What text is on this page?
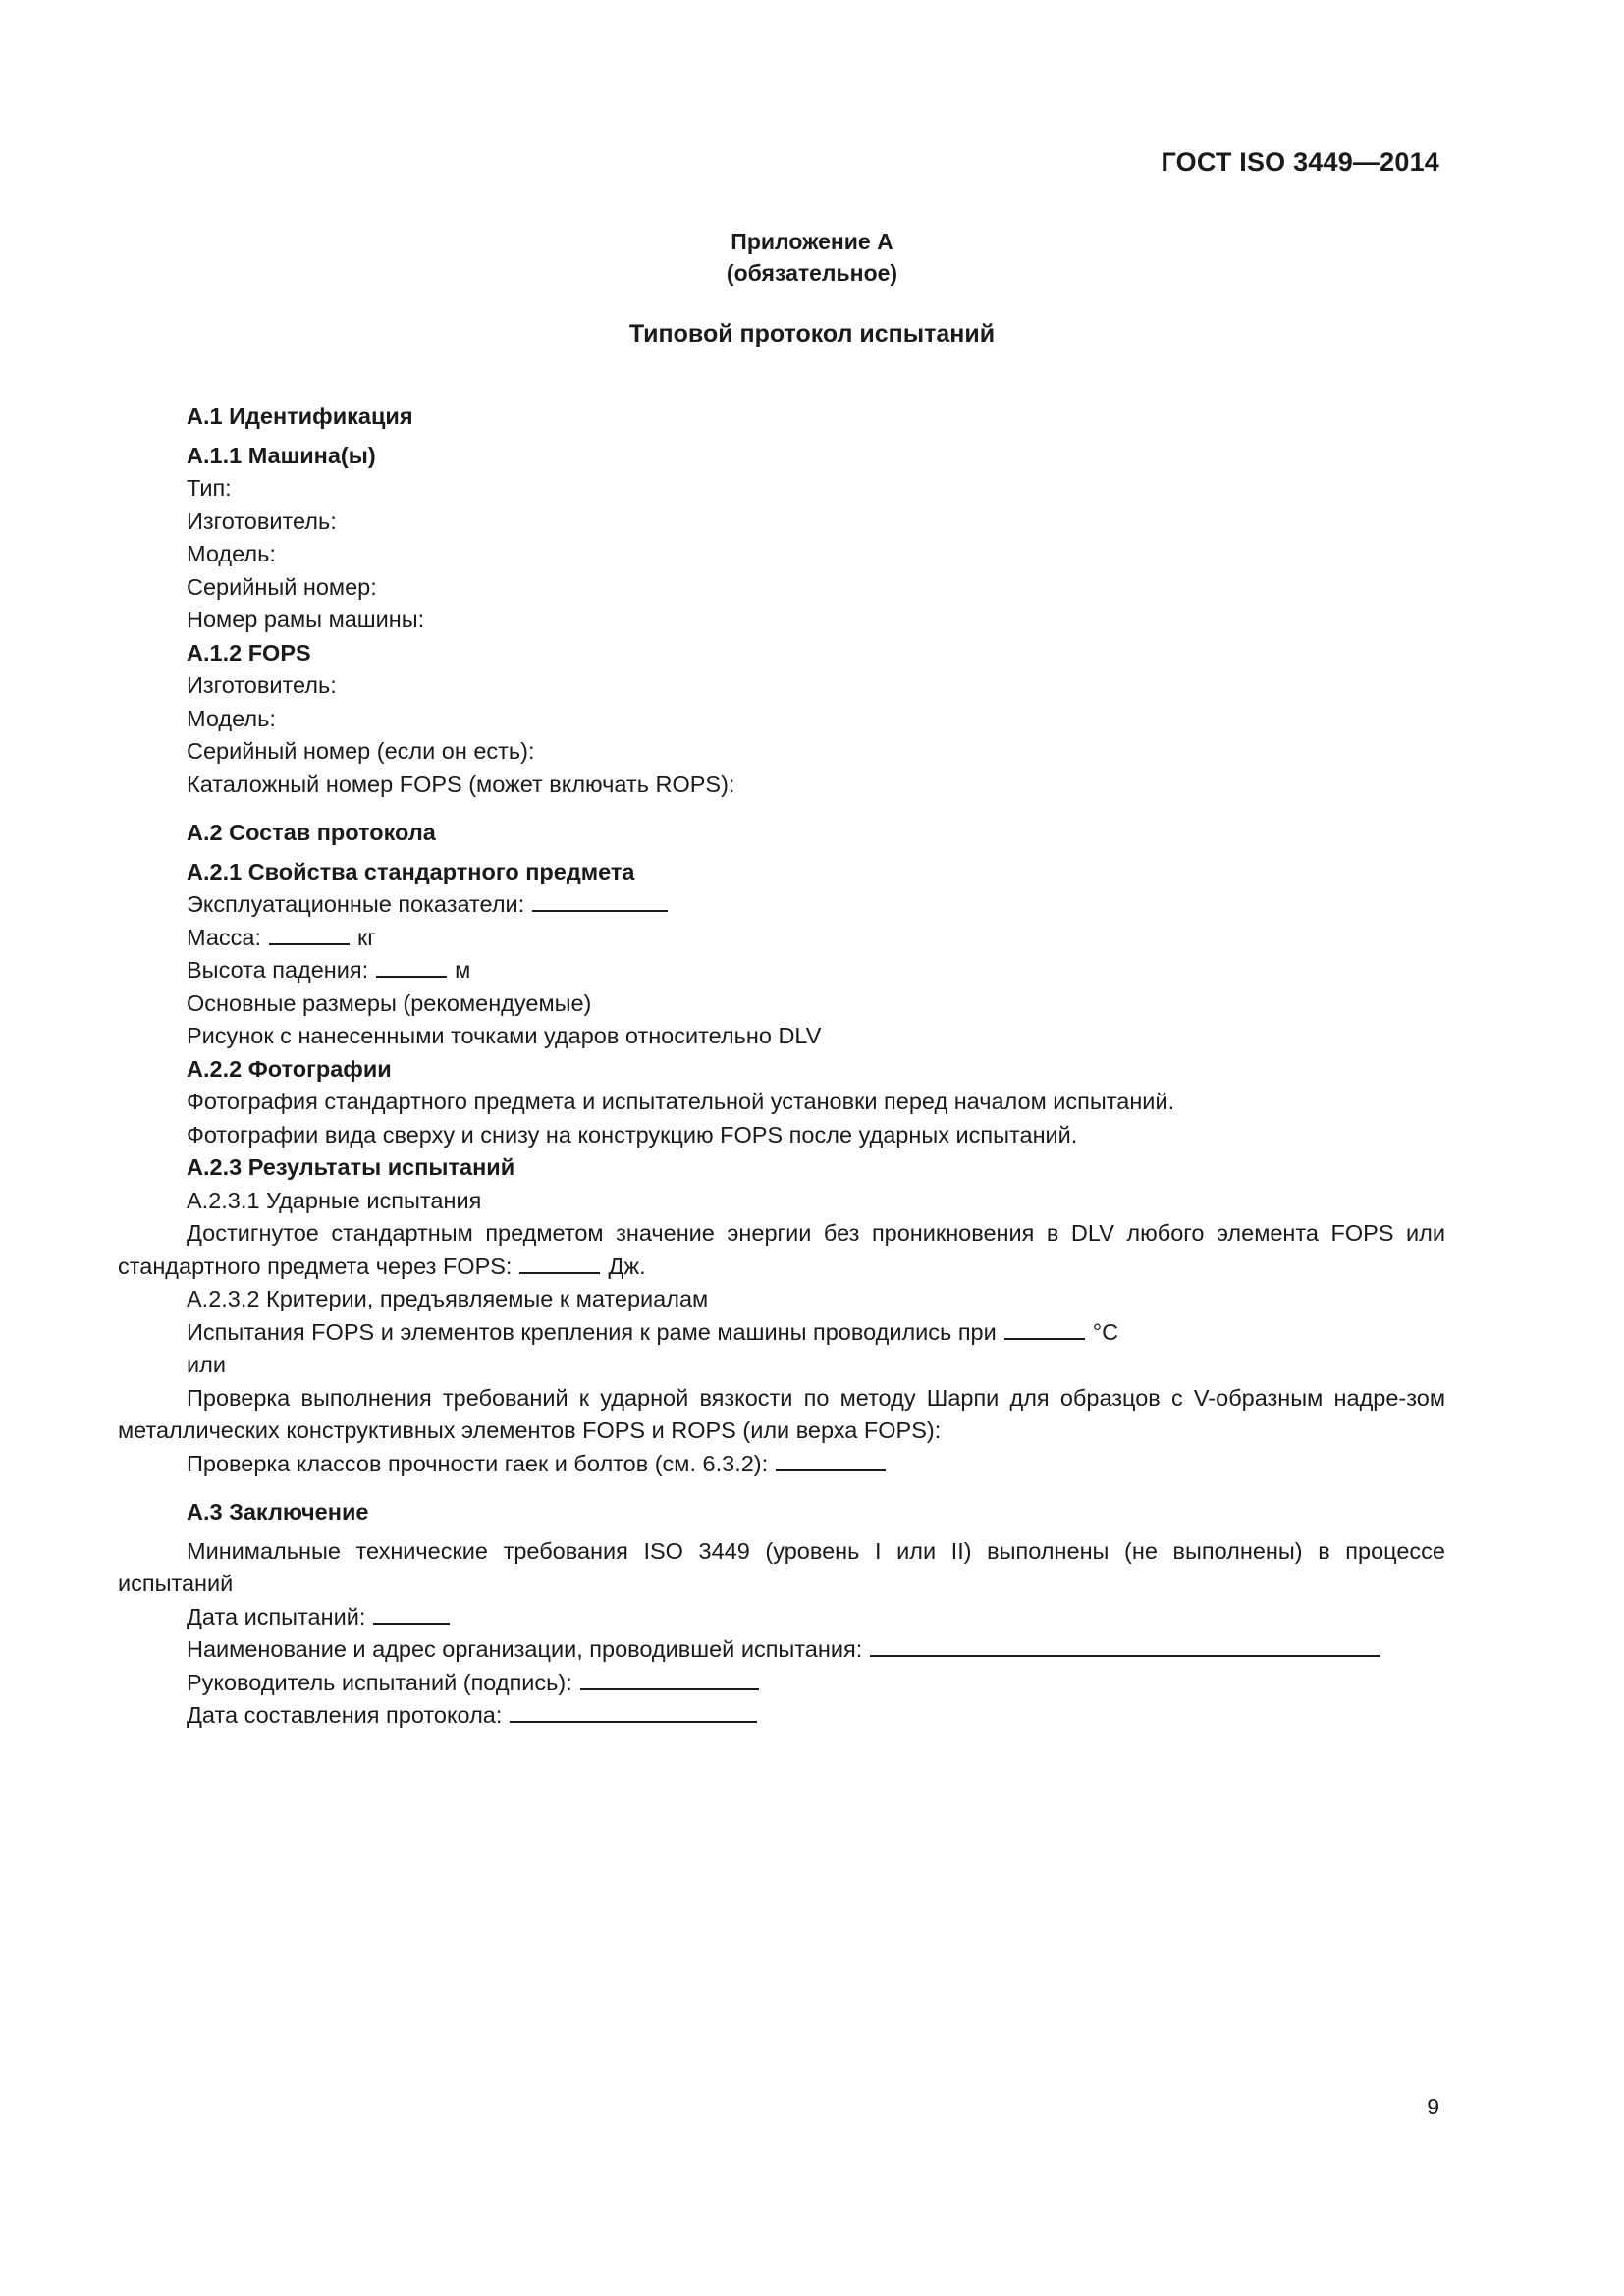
ГОСТ ISO 3449—2014
Приложение А
(обязательное)
Типовой протокол испытаний

А.1 Идентификация

А.1.1 Машина(ы)

Тип:

Изготовитель:

Модель:

Серийный номер:

Номер рамы машины:

А.1.2 FOPS

Изготовитель:

Модель:

Серийный номер (если он есть):

Каталожный номер FOPS (может включать ROPS):

А.2 Состав протокола

А.2.1 Свойства стандартного предмета

Эксплуатационные показатели:

Масса:	кг

Высота падения:	м

Основные размеры (рекомендуемые)

Рисунок с нанесенными точками ударов относительно DLV

А.2.2 Фотографии

Фотография стандартного предмета и испытательной установки перед началом испытаний.

Фотографии вида сверху и снизу на конструкцию FOPS после ударных испытаний.

А.2.3 Результаты испытаний

А.2.3.1 Ударные испытания

Достигнутое стандартным предметом значение энергии без проникновения в DLV любого элемента FOPS или стандартного предмета через FOPS:	Дж.

А.2.3.2 Критерии, предъявляемые к материалам

Испытания FOPS и элементов крепления к раме машины проводились при	°С

или

Проверка выполнения требований к ударной вязкости по методу Шарпи для образцов с V-образным надре-зом металлических конструктивных элементов FOPS и ROPS (или верха FOPS):

Проверка классов прочности гаек и болтов (см. 6.3.2):

А.3 Заключение

Минимальные технические требования ISO 3449 (уровень I или II) выполнены (не выполнены) в процессе испытаний

Дата испытаний:

Наименование и адрес организации, проводившей испытания:

Руководитель испытаний (подпись):

Дата составления протокола:

9
